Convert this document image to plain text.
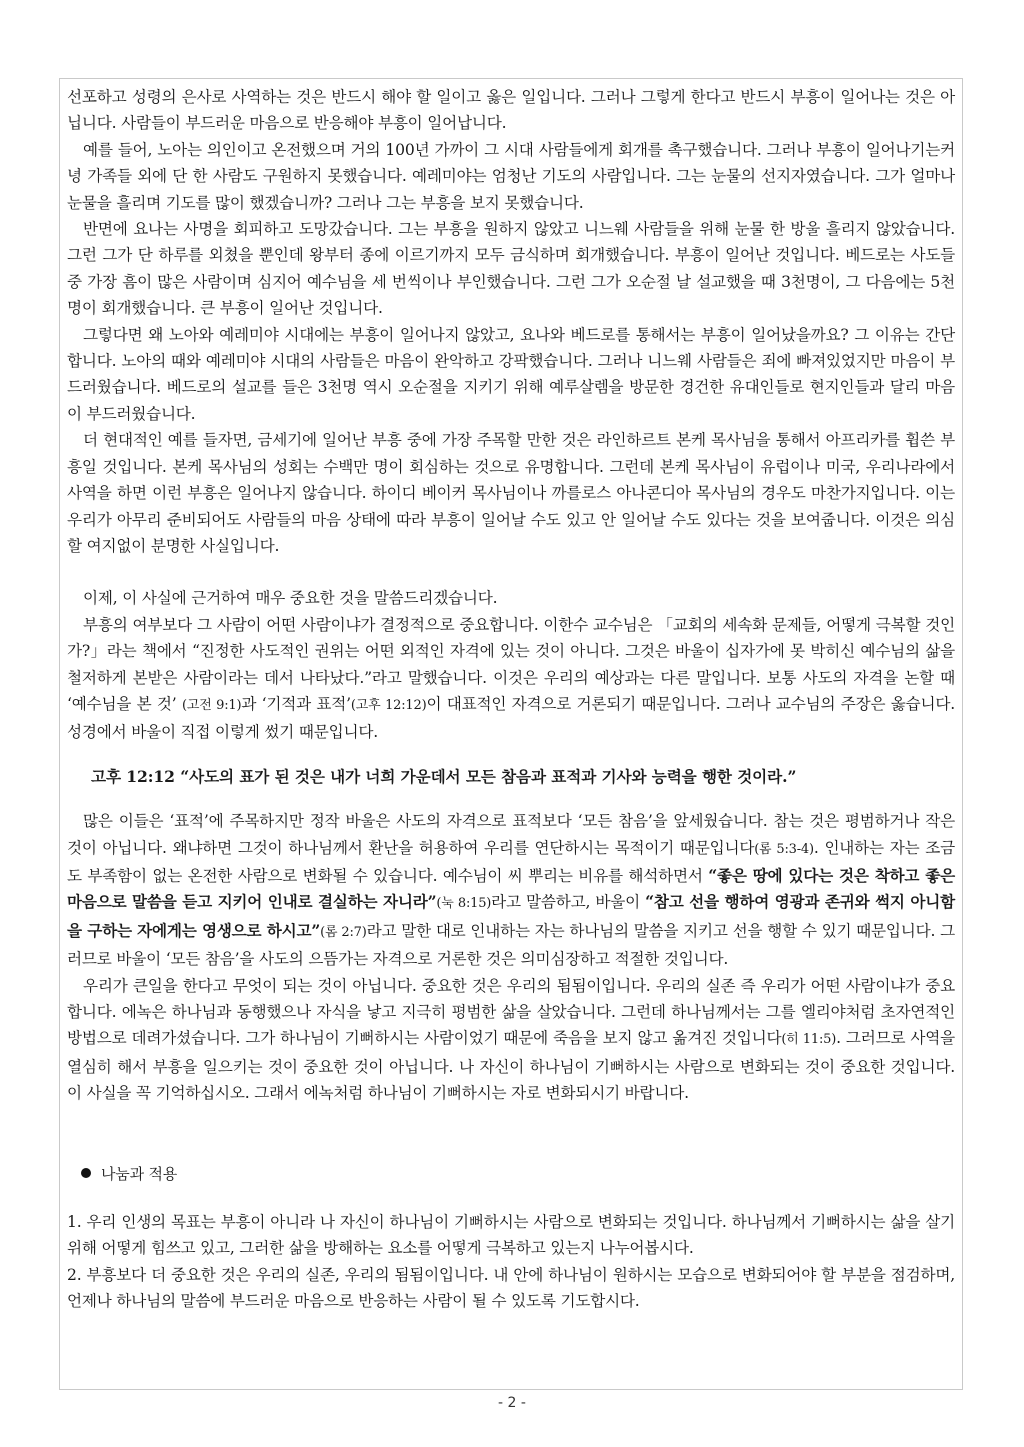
선포하고 성령의 은사로 사역하는 것은 반드시 해야 할 일이고 옳은 일입니다. 그러나 그렇게 한다고 반드시 부흥이 일어나는 것은 아닙니다. 사람들이 부드러운 마음으로 반응해야 부흥이 일어납니다.

예를 들어, 노아는 의인이고 온전했으며 거의 100년 가까이 그 시대 사람들에게 회개를 촉구했습니다. 그러나 부흥이 일어나기는커녕 가족들 외에 단 한 사람도 구원하지 못했습니다. 예레미야는 엄청난 기도의 사람입니다. 그는 눈물의 선지자였습니다. 그가 얼마나 눈물을 흘리며 기도를 많이 했겠습니까? 그러나 그는 부흥을 보지 못했습니다.

반면에 요나는 사명을 회피하고 도망갔습니다. 그는 부흥을 원하지 않았고 니느웨 사람들을 위해 눈물 한 방울 흘리지 않았습니다. 그런 그가 단 하루를 외쳤을 뿐인데 왕부터 종에 이르기까지 모두 금식하며 회개했습니다. 부흥이 일어난 것입니다. 베드로는 사도들 중 가장 흠이 많은 사람이며 심지어 예수님을 세 번씩이나 부인했습니다. 그런 그가 오순절 날 설교했을 때 3천명이, 그 다음에는 5천명이 회개했습니다. 큰 부흥이 일어난 것입니다.

그렇다면 왜 노아와 예레미야 시대에는 부흥이 일어나지 않았고, 요나와 베드로를 통해서는 부흥이 일어났을까요? 그 이유는 간단합니다. 노아의 때와 예레미야 시대의 사람들은 마음이 완악하고 강팍했습니다. 그러나 니느웨 사람들은 죄에 빠져있었지만 마음이 부드러웠습니다. 베드로의 설교를 들은 3천명 역시 오순절을 지키기 위해 예루살렘을 방문한 경건한 유대인들로 현지인들과 달리 마음이 부드러웠습니다.

더 현대적인 예를 들자면, 금세기에 일어난 부흥 중에 가장 주목할 만한 것은 라인하르트 본케 목사님을 통해서 아프리카를 휩쓴 부흥일 것입니다. 본케 목사님의 성회는 수백만 명이 회심하는 것으로 유명합니다. 그런데 본케 목사님이 유럽이나 미국, 우리나라에서 사역을 하면 이런 부흥은 일어나지 않습니다. 하이디 베이커 목사님이나 까를로스 아나콘디아 목사님의 경우도 마찬가지입니다. 이는 우리가 아무리 준비되어도 사람들의 마음 상태에 따라 부흥이 일어날 수도 있고 안 일어날 수도 있다는 것을 보여줍니다. 이것은 의심할 여지없이 분명한 사실입니다.

이제, 이 사실에 근거하여 매우 중요한 것을 말씀드리겠습니다.

부흥의 여부보다 그 사람이 어떤 사람이냐가 결정적으로 중요합니다. 이한수 교수님은 「교회의 세속화 문제들, 어떻게 극복할 것인가?」라는 책에서 “진정한 사도적인 권위는 어떤 외적인 자격에 있는 것이 아니다. 그것은 바울이 십자가에 못 박히신 예수님의 삶을 철저하게 본받은 사람이라는 데서 나타났다.”라고 말했습니다. 이것은 우리의 예상과는 다른 말입니다. 보통 사도의 자격을 논할 때 ‘예수님을 본 것’ (고전 9:1)과 ‘기적과 표적’(고후 12:12)이 대표적인 자격으로 거론되기 때문입니다. 그러나 교수님의 주장은 옳습니다. 성경에서 바울이 직접 이렇게 썼기 때문입니다.

고후 12:12 “사도의 표가 된 것은 내가 너희 가운데서 모든 참음과 표적과 기사와 능력을 행한 것이라.”

많은 이들은 ‘표적’에 주목하지만 정작 바울은 사도의 자격으로 표적보다 ‘모든 참음’을 앞세웠습니다. 참는 것은 평범하거나 작은 것이 아닙니다. 왜냐하면 그것이 하나님께서 환난을 허용하여 우리를 연단하시는 목적이기 때문입니다(롬 5:3-4). 인내하는 자는 조금도 부족함이 없는 온전한 사람으로 변화될 수 있습니다. 예수님이 씨 뿌리는 비유를 해석하면서 “좋은 땅에 있다는 것은 착하고 좋은 마음으로 말씀을 듣고 지키어 인내로 결실하는 자니라”(눅 8:15)라고 말씀하고, 바울이 “참고 선을 행하여 영광과 존귀와 썩지 아니함을 구하는 자에게는 영생으로 하시고”(롬 2:7)라고 말한 대로 인내하는 자는 하나님의 말씀을 지키고 선을 행할 수 있기 때문입니다. 그러므로 바울이 ‘모든 참음’을 사도의 으뜸가는 자격으로 거론한 것은 의미심장하고 적절한 것입니다.

우리가 큰일을 한다고 무엇이 되는 것이 아닙니다. 중요한 것은 우리의 됨됨이입니다. 우리의 실존 즉 우리가 어떤 사람이냐가 중요합니다. 에녹은 하나님과 동행했으나 자식을 낳고 지극히 평범한 삶을 살았습니다. 그런데 하나님께서는 그를 엘리야처럼 초자연적인 방법으로 데려가셨습니다. 그가 하나님이 기뻐하시는 사람이었기 때문에 죽음을 보지 않고 옮겨진 것입니다(히 11:5). 그러므로 사역을 열심히 해서 부흥을 일으키는 것이 중요한 것이 아닙니다. 나 자신이 하나님이 기뻐하시는 사람으로 변화되는 것이 중요한 것입니다. 이 사실을 꼭 기억하십시오. 그래서 에녹처럼 하나님이 기뻐하시는 자로 변화되시기 바랍니다.

나눔과 적용

1. 우리 인생의 목표는 부흥이 아니라 나 자신이 하나님이 기뻐하시는 사람으로 변화되는 것입니다. 하나님께서 기뻐하시는 삶을 살기 위해 어떻게 힘쓰고 있고, 그러한 삶을 방해하는 요소를 어떻게 극복하고 있는지 나누어봅시다.

2. 부흥보다 더 중요한 것은 우리의 실존, 우리의 됨됨이입니다. 내 안에 하나님이 원하시는 모습으로 변화되어야 할 부분을 점검하며, 언제나 하나님의 말씀에 부드러운 마음으로 반응하는 사람이 될 수 있도록 기도합시다.

- 2 -
